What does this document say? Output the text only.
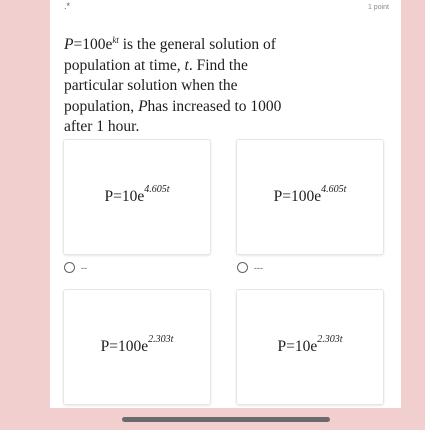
.*	1 point
$P=100e^{kt}$ is the general solution of population at time, t. Find the particular solution when the population, Phas increased to 1000 after 1 hour.
$P=10e^{4.605t}$
--
$P=100e^{4.605t}$
---
$P=100e^{2.303t}$	$P=10e^{2.303t}$
